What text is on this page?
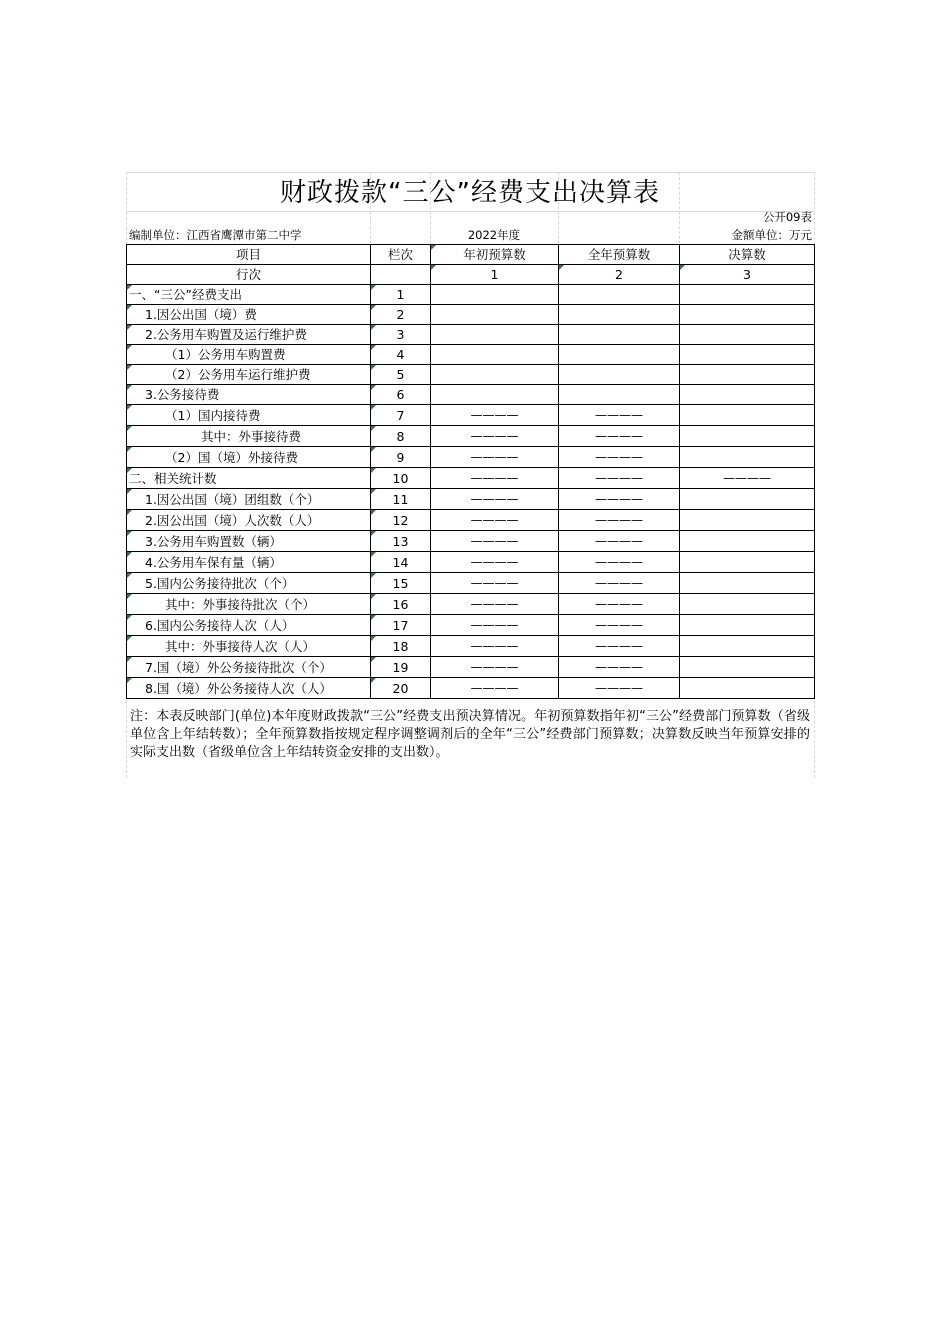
财政拨款“三公”经费支出决算表
公开09表
编制单位：江西省鹰潭市第二中学	2022年度	金额单位：万元
项目	栏次	年初预算数	全年预算数	决算数
行次		1	2	3
一、“三公”经费支出	1			
1.因公出国（境）费	2			
2.公务用车购置及运行维护费	3			
（1）公务用车购置费	4			
（2）公务用车运行维护费	5			
3.公务接待费	6			
（1）国内接待费	7	————	————	
其中：外事接待费	8	————	————	
（2）国（境）外接待费	9	————	————	
二、相关统计数	10	————	————	————
1.因公出国（境）团组数（个）	11	————	————	
2.因公出国（境）人次数（人）	12	————	————	
3.公务用车购置数（辆）	13	————	————	
4.公务用车保有量（辆）	14	————	————	
5.国内公务接待批次（个）	15	————	————	
其中：外事接待批次（个）	16	————	————	
6.国内公务接待人次（人）	17	————	————	
其中：外事接待人次（人）	18	————	————	
7.国（境）外公务接待批次（个）	19	————	————	
8.国（境）外公务接待人次（人）	20	————	————	
注：本表反映部门(单位)本年度财政拨款“三公”经费支出预决算情况。年初预算数指年初“三公”经费部门预算数（省级单位含上年结转数）；全年预算数指按规定程序调整调剂后的全年“三公”经费部门预算数；决算数反映当年预算安排的实际支出数（省级单位含上年结转资金安排的支出数）。
